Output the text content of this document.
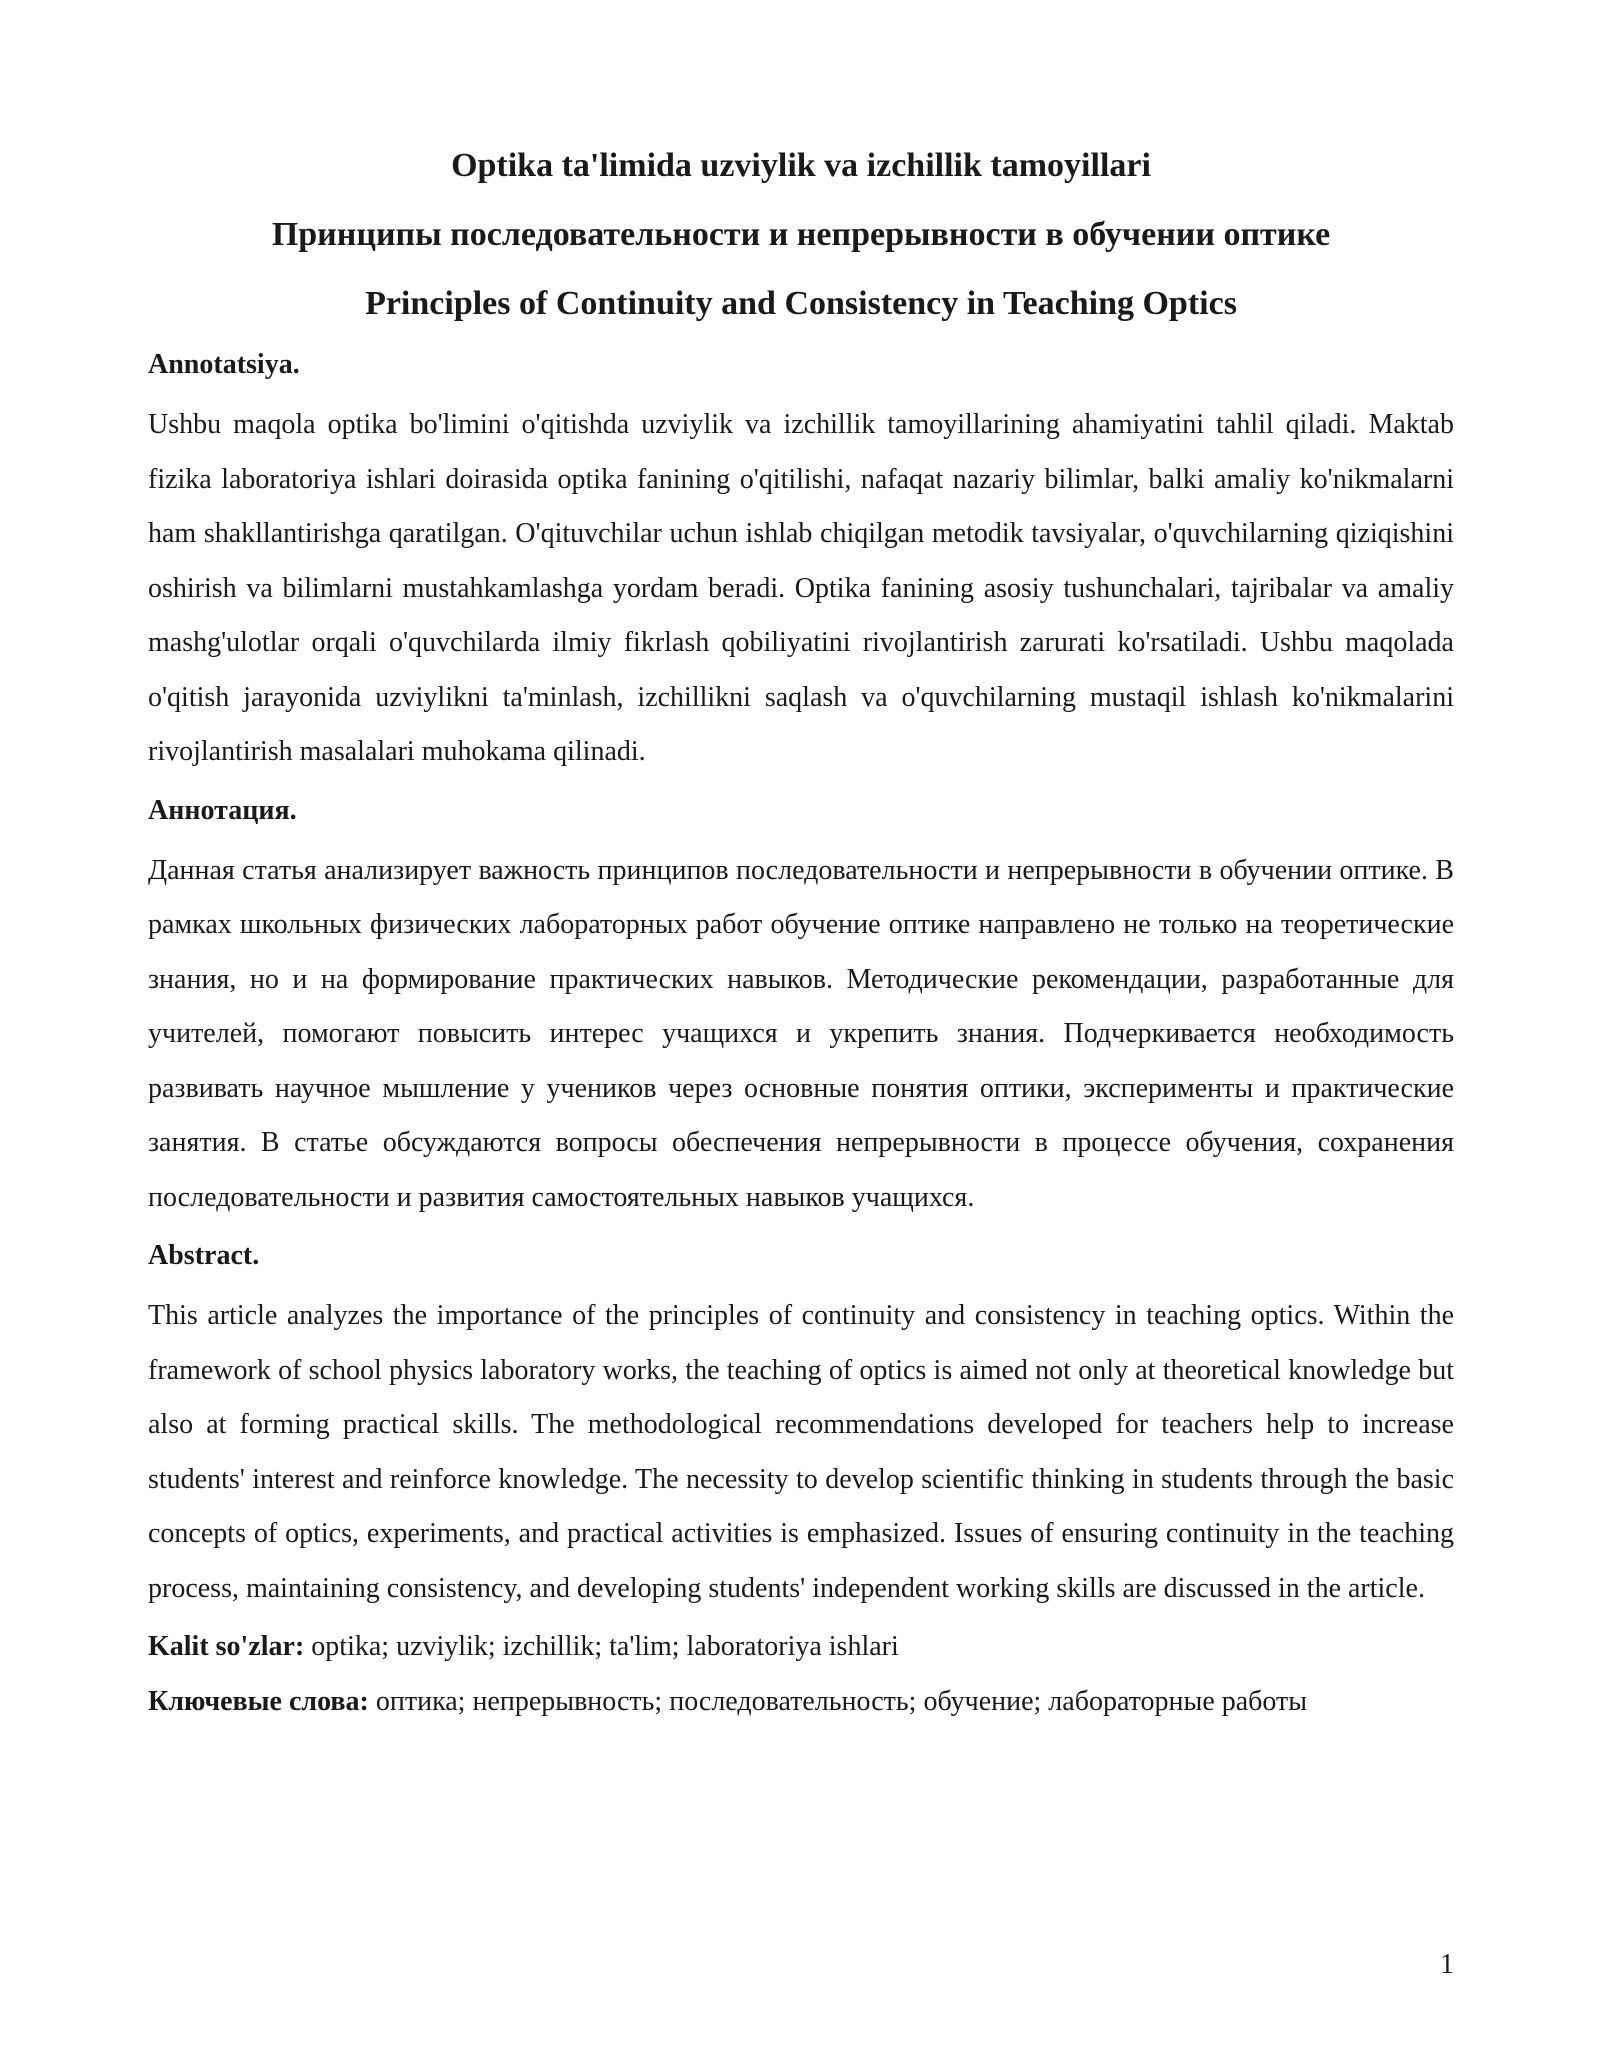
Optika ta'limida uzviylik va izchillik tamoyillari
Принципы последовательности и непрерывности в обучении оптике
Principles of Continuity and Consistency in Teaching Optics
Annotatsiya.
Ushbu maqola optika bo'limini o'qitishda uzviylik va izchillik tamoyillarining ahamiyatini tahlil qiladi. Maktab fizika laboratoriya ishlari doirasida optika fanining o'qitilishi, nafaqat nazariy bilimlar, balki amaliy ko'nikmalarni ham shakllantirishga qaratilgan. O'qituvchilar uchun ishlab chiqilgan metodik tavsiyalar, o'quvchilarning qiziqishini oshirish va bilimlarni mustahkamlashga yordam beradi. Optika fanining asosiy tushunchalari, tajribalar va amaliy mashg'ulotlar orqali o'quvchilarda ilmiy fikrlash qobiliyatini rivojlantirish zarurati ko'rsatiladi. Ushbu maqolada o'qitish jarayonida uzviylikni ta'minlash, izchillikni saqlash va o'quvchilarning mustaqil ishlash ko'nikmalarini rivojlantirish masalalari muhokama qilinadi.
Аннотация.
Данная статья анализирует важность принципов последовательности и непрерывности в обучении оптике. В рамках школьных физических лабораторных работ обучение оптике направлено не только на теоретические знания, но и на формирование практических навыков. Методические рекомендации, разработанные для учителей, помогают повысить интерес учащихся и укрепить знания. Подчеркивается необходимость развивать научное мышление у учеников через основные понятия оптики, эксперименты и практические занятия. В статье обсуждаются вопросы обеспечения непрерывности в процессе обучения, сохранения последовательности и развития самостоятельных навыков учащихся.
Abstract.
This article analyzes the importance of the principles of continuity and consistency in teaching optics. Within the framework of school physics laboratory works, the teaching of optics is aimed not only at theoretical knowledge but also at forming practical skills. The methodological recommendations developed for teachers help to increase students' interest and reinforce knowledge. The necessity to develop scientific thinking in students through the basic concepts of optics, experiments, and practical activities is emphasized. Issues of ensuring continuity in the teaching process, maintaining consistency, and developing students' independent working skills are discussed in the article.
Kalit so'zlar: optika; uzviylik; izchillik; ta'lim; laboratoriya ishlari
Ключевые слова: оптика; непрерывность; последовательность; обучение; лабораторные работы
1
